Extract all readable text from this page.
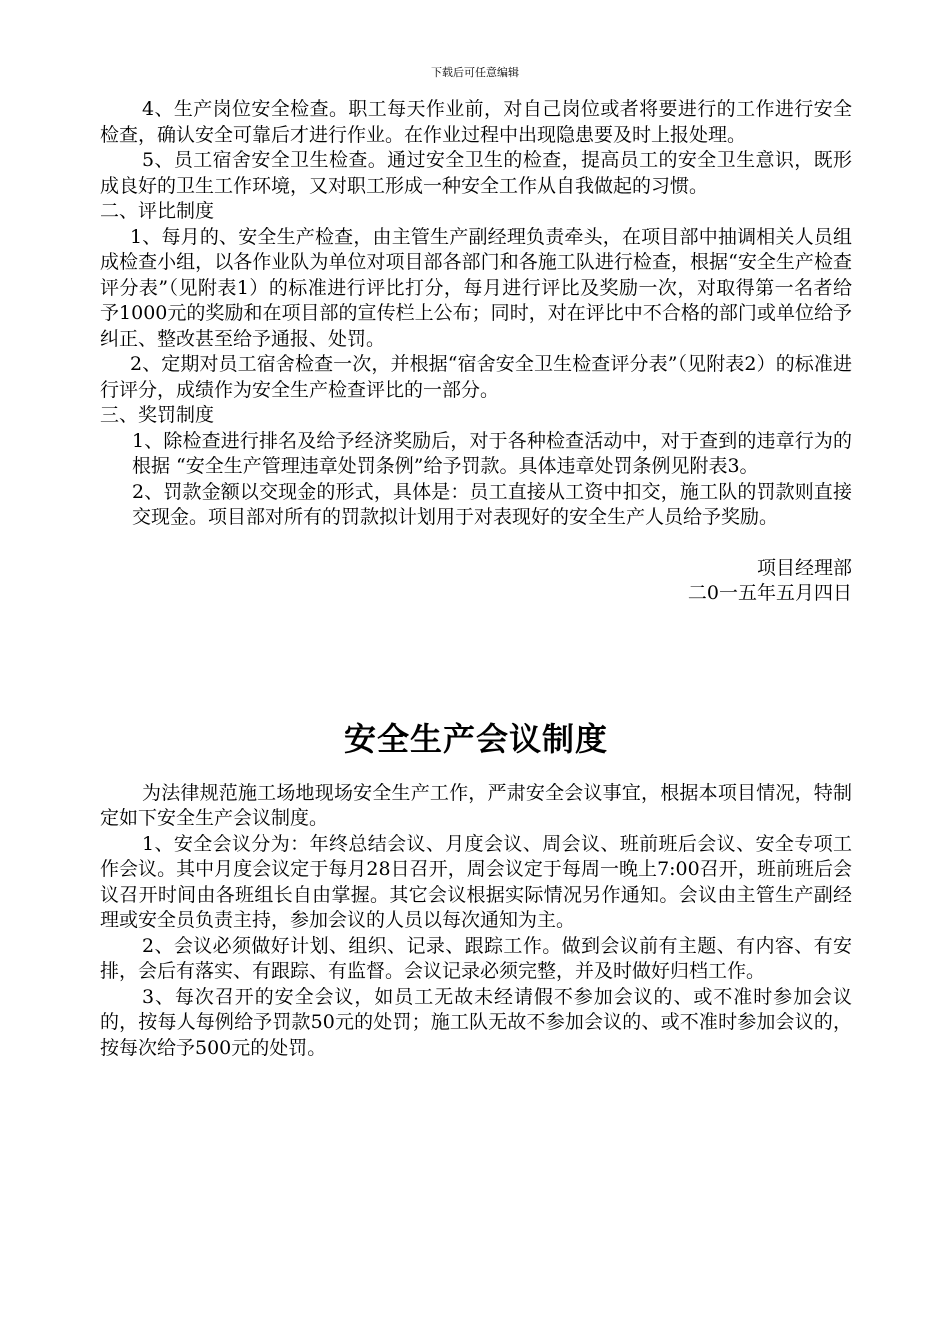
下载后可任意编辑

4、生产岗位安全检查。职工每天作业前，对自己岗位或者将要进行的工作进行安全检查，确认安全可靠后才进行作业。在作业过程中出现隐患要及时上报处理。

5、员工宿舍安全卫生检查。通过安全卫生的检查，提高员工的安全卫生意识，既形成良好的卫生工作环境，又对职工形成一种安全工作从自我做起的习惯。

二、评比制度

1、每月的、安全生产检查，由主管生产副经理负责牵头，在项目部中抽调相关人员组成检查小组，以各作业队为单位对项目部各部门和各施工队进行检查，根据“安全生产检查评分表”（见附表1）的标准进行评比打分，每月进行评比及奖励一次，对取得第一名者给予1000元的奖励和在项目部的宣传栏上公布；同时，对在评比中不合格的部门或单位给予纠正、整改甚至给予通报、处罚。

2、定期对员工宿舍检查一次，并根据“宿舍安全卫生检查评分表”（见附表2）的标准进行评分，成绩作为安全生产检查评比的一部分。

三、奖罚制度

1、除检查进行排名及给予经济奖励后，对于各种检查活动中，对于查到的违章行为的根据 “安全生产管理违章处罚条例”给予罚款。具体违章处罚条例见附表3。

2、罚款金额以交现金的形式，具体是：员工直接从工资中扣交，施工队的罚款则直接交现金。项目部对所有的罚款拟计划用于对表现好的安全生产人员给予奖励。

项目经理部

二0一五年五月四日

安全生产会议制度

为法律规范施工场地现场安全生产工作，严肃安全会议事宜，根据本项目情况，特制定如下安全生产会议制度。

1、安全会议分为：年终总结会议、月度会议、周会议、班前班后会议、安全专项工作会议。其中月度会议定于每月28日召开，周会议定于每周一晚上7:00召开，班前班后会议召开时间由各班组长自由掌握。其它会议根据实际情况另作通知。会议由主管生产副经理或安全员负责主持，参加会议的人员以每次通知为主。

2、会议必须做好计划、组织、记录、跟踪工作。做到会议前有主题、有内容、有安排，会后有落实、有跟踪、有监督。会议记录必须完整，并及时做好归档工作。

3、每次召开的安全会议，如员工无故未经请假不参加会议的、或不准时参加会议的，按每人每例给予罚款50元的处罚；施工队无故不参加会议的、或不准时参加会议的，按每次给予500元的处罚。
